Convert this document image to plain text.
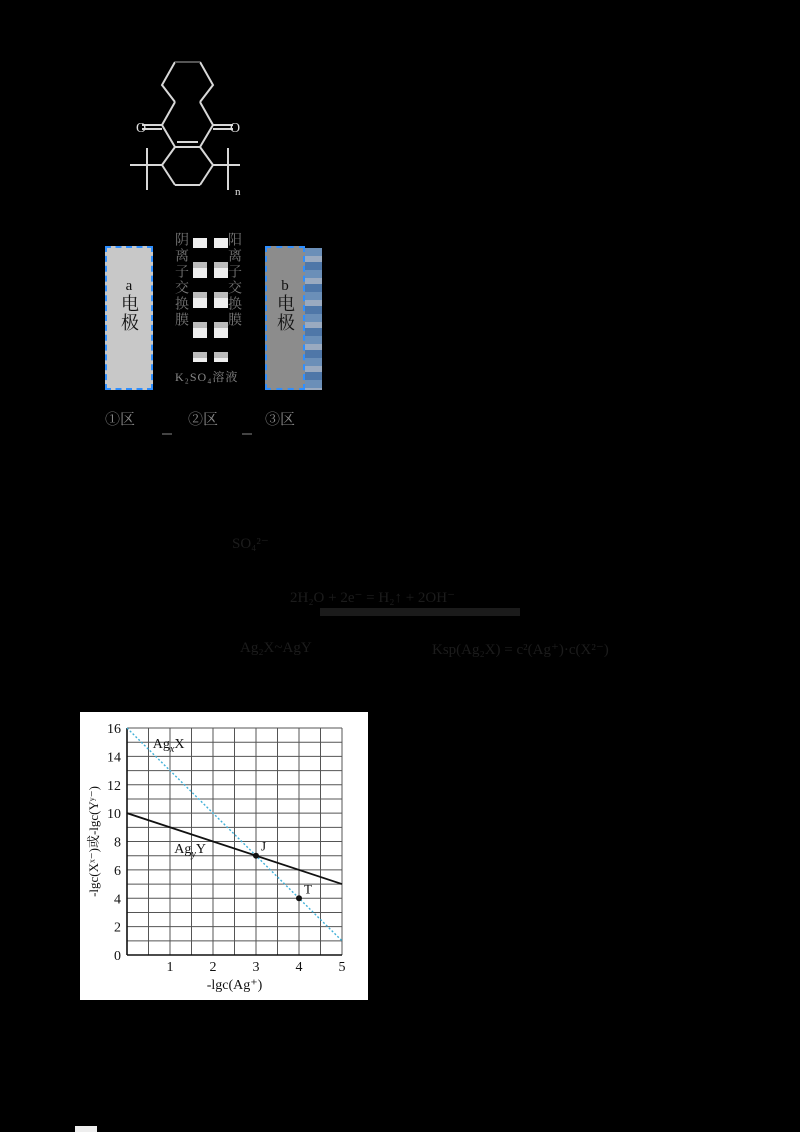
O	O
n
a
电极
b
电极
阴离子交换膜	阳离子交换膜
K₂SO₄溶液
①区	②区	③区
SO₄²⁻
2H₂O + 2e⁻ = H₂↑ + 2OH⁻
Ag₂X~AgY	Ksp(Ag₂X) = c²(Ag⁺)·c(X²⁻)
0
2
4
6
8
10
12
14
16
1	2	3	4	5
$Ag_xX$
$Ag_yY$	J
T
-lgc(Ag⁺)
-lgc(Xˣ⁻)或-lgc(Yʸ⁻)
